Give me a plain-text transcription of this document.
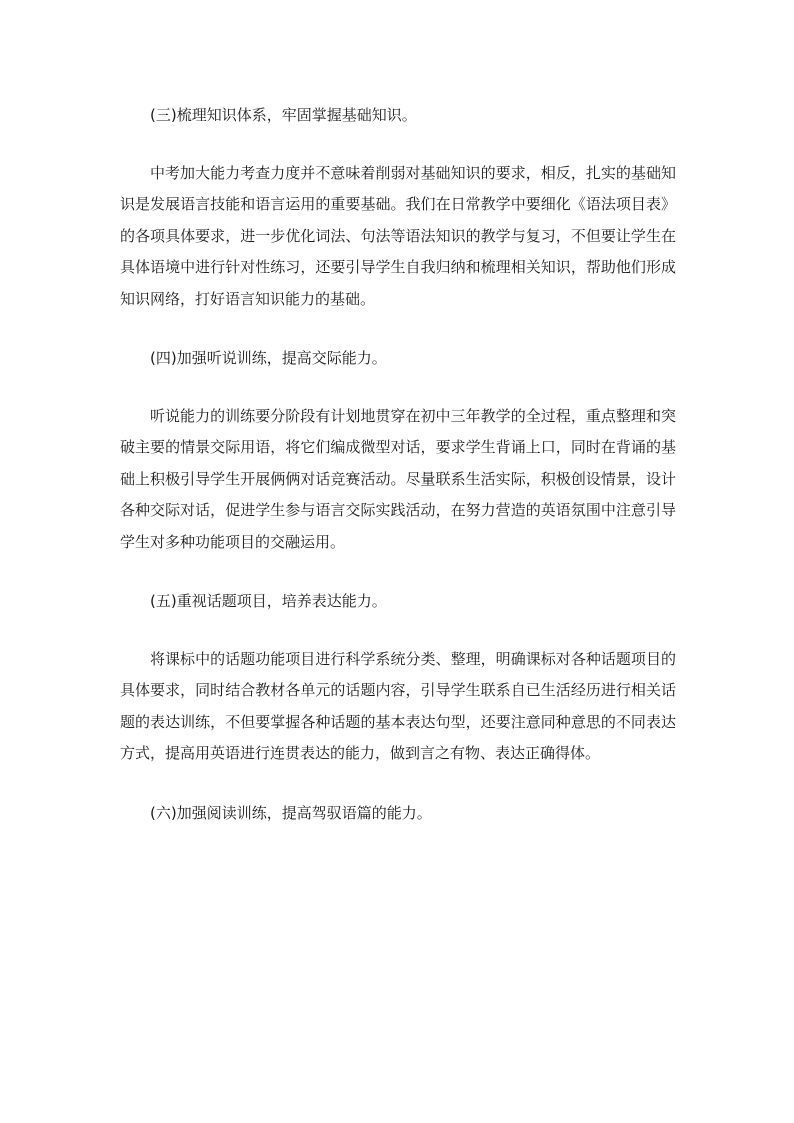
(三)梳理知识体系，牢固掌握基础知识。

中考加大能力考查力度并不意味着削弱对基础知识的要求，相反，扎实的基础知识是发展语言技能和语言运用的重要基础。我们在日常教学中要细化《语法项目表》的各项具体要求，进一步优化词法、句法等语法知识的教学与复习，不但要让学生在具体语境中进行针对性练习，还要引导学生自我归纳和梳理相关知识，帮助他们形成知识网络，打好语言知识能力的基础。

(四)加强听说训练，提高交际能力。

听说能力的训练要分阶段有计划地贯穿在初中三年教学的全过程，重点整理和突破主要的情景交际用语，将它们编成微型对话，要求学生背诵上口，同时在背诵的基础上积极引导学生开展俩俩对话竞赛活动。尽量联系生活实际，积极创设情景，设计各种交际对话，促进学生参与语言交际实践活动，在努力营造的英语氛围中注意引导学生对多种功能项目的交融运用。

(五)重视话题项目，培养表达能力。

将课标中的话题功能项目进行科学系统分类、整理，明确课标对各种话题项目的具体要求，同时结合教材各单元的话题内容，引导学生联系自已生活经历进行相关话题的表达训练，不但要掌握各种话题的基本表达句型，还要注意同种意思的不同表达方式，提高用英语进行连贯表达的能力，做到言之有物、表达正确得体。

(六)加强阅读训练，提高驾驭语篇的能力。
